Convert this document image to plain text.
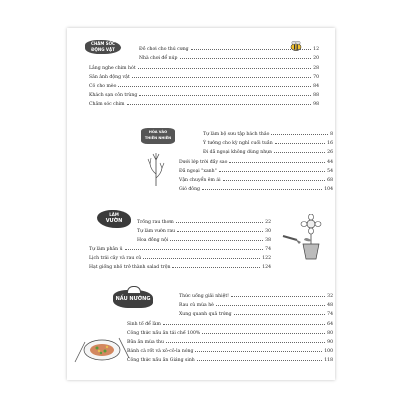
CHĂM SÓC
ĐỘNG VẬT	Đồ chơi cho thú cưng	12
Nhà chơi để núp	20
Lắng nghe chim hót	28
Săn ảnh động vật	70
Cỏ cho mèo	84
Khách sạn côn trùng	88
Chăm sóc chim	98
HÒA VÀO
THIÊN NHIÊN
Tự làm bộ sưu tập bách thảo	8
Ý tưởng cho kỳ nghỉ cuối tuần	16
Đi dã ngoại không dùng nhựa	26
Dưới lớp trời đầy sao	44
Đã ngoại "xanh"	54
Vận chuyển êm ái	68
Gió đông	104
LÀM
VƯỜN	Trồng rau thơm	22
Tự làm vườn rau	30
Hoa đồng nội	38
Tự làm phân ủ	74
Lịch trái cây và rau củ	122
Hạt giống nhỏ trở thành salad trộn	124
NẤU NƯỚNG	Thức uống giải nhiệt!	32
Rau củ mùa hè	48
Xung quanh quả trứng	74
Sinh tố để làm	64
Công thức nấu ăn tái chế 100%	80
Bữa ăn mùa thu	90
Bánh cà rốt và xô-cô-la nóng	100
Công thức nấu ăn Giáng sinh	118
